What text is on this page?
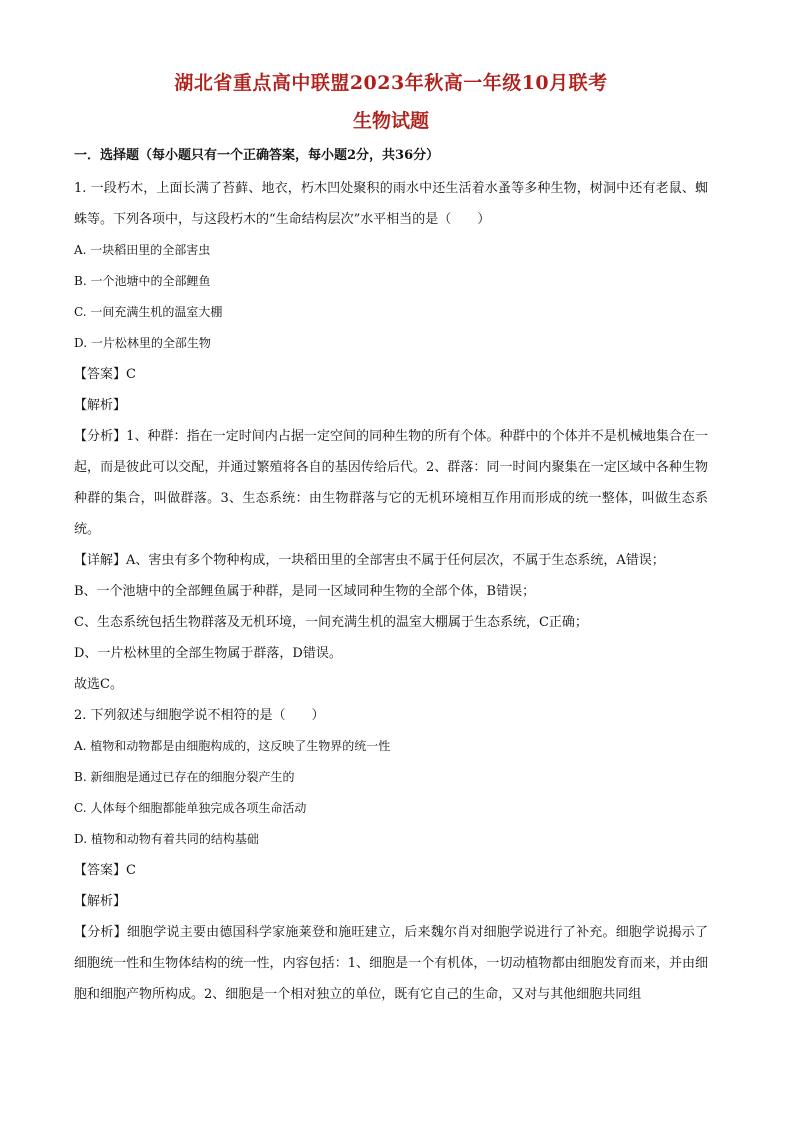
湖北省重点高中联盟2023年秋高一年级10月联考
生物试题
一．选择题（每小题只有一个正确答案，每小题2分，共36分）

1. 一段朽木，上面长满了苔藓、地衣，朽木凹处聚积的雨水中还生活着水蚤等多种生物，树洞中还有老鼠、蜘蛛等。下列各项中，与这段朽木的“生命结构层次”水平相当的是（　　）

A. 一块稻田里的全部害虫

B. 一个池塘中的全部鲤鱼

C. 一间充满生机的温室大棚

D. 一片松林里的全部生物

【答案】C

【解析】

【分析】1、种群：指在一定时间内占据一定空间的同种生物的所有个体。种群中的个体并不是机械地集合在一起，而是彼此可以交配，并通过繁殖将各自的基因传给后代。2、群落：同一时间内聚集在一定区域中各种生物种群的集合，叫做群落。3、生态系统：由生物群落与它的无机环境相互作用而形成的统一整体，叫做生态系统。

【详解】A、害虫有多个物种构成，一块稻田里的全部害虫不属于任何层次，不属于生态系统，A错误；

B、一个池塘中的全部鲤鱼属于种群，是同一区域同种生物的全部个体，B错误；

C、生态系统包括生物群落及无机环境，一间充满生机的温室大棚属于生态系统，C正确；

D、一片松林里的全部生物属于群落，D错误。

故选C。

2. 下列叙述与细胞学说不相符的是（　　）

A. 植物和动物都是由细胞构成的，这反映了生物界的统一性

B. 新细胞是通过已存在的细胞分裂产生的

C. 人体每个细胞都能单独完成各项生命活动

D. 植物和动物有着共同的结构基础

【答案】C

【解析】

【分析】细胞学说主要由德国科学家施莱登和施旺建立，后来魏尔肖对细胞学说进行了补充。细胞学说揭示了细胞统一性和生物体结构的统一性，内容包括：1、细胞是一个有机体，一切动植物都由细胞发育而来，并由细胞和细胞产物所构成。2、细胞是一个相对独立的单位，既有它自己的生命，又对与其他细胞共同组
